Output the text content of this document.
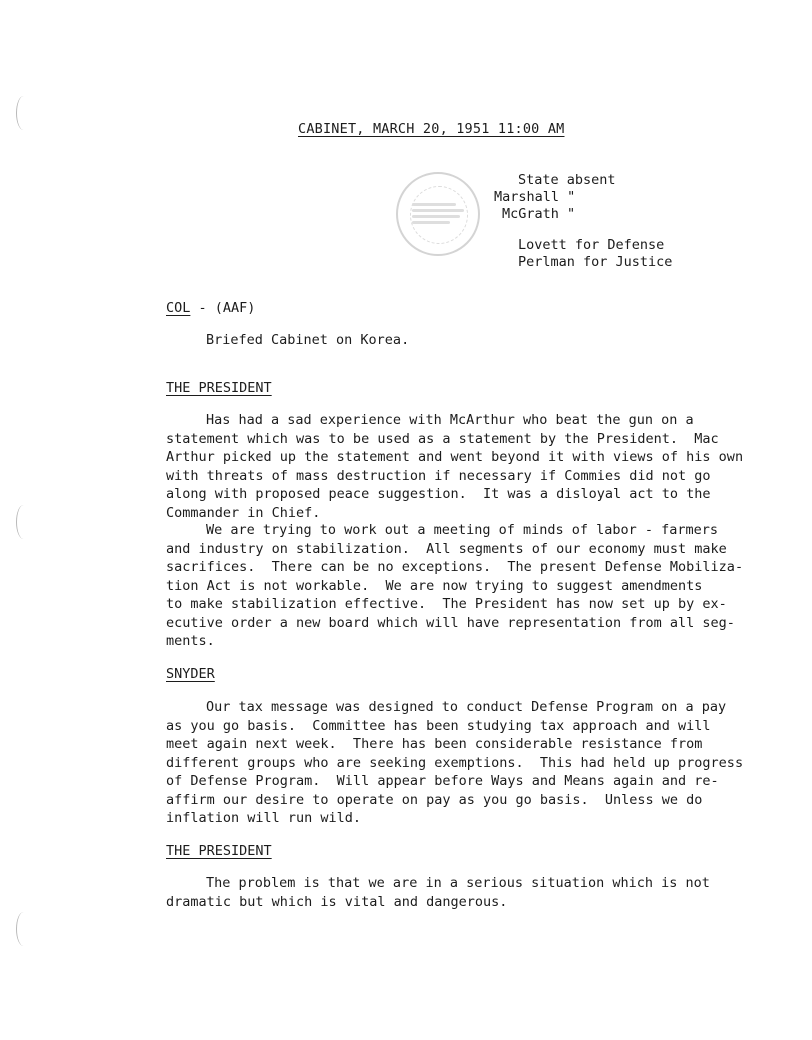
CABINET, MARCH 20, 1951 11:00 AM
State absent
Marshall "
McGrath "
Lovett for Defense
Perlman for Justice
COL - (AAF)
Briefed Cabinet on Korea.
THE PRESIDENT
Has had a sad experience with McArthur who beat the gun on a
statement which was to be used as a statement by the President.  Mac
Arthur picked up the statement and went beyond it with views of his own
with threats of mass destruction if necessary if Commies did not go
along with proposed peace suggestion.  It was a disloyal act to the
Commander in Chief.
We are trying to work out a meeting of minds of labor - farmers
and industry on stabilization.  All segments of our economy must make
sacrifices.  There can be no exceptions.  The present Defense Mobiliza-
tion Act is not workable.  We are now trying to suggest amendments
to make stabilization effective.  The President has now set up by ex-
ecutive order a new board which will have representation from all seg-
ments.
SNYDER
Our tax message was designed to conduct Defense Program on a pay
as you go basis.  Committee has been studying tax approach and will
meet again next week.  There has been considerable resistance from
different groups who are seeking exemptions.  This had held up progress
of Defense Program.  Will appear before Ways and Means again and re-
affirm our desire to operate on pay as you go basis.  Unless we do
inflation will run wild.
THE PRESIDENT
The problem is that we are in a serious situation which is not
dramatic but which is vital and dangerous.
